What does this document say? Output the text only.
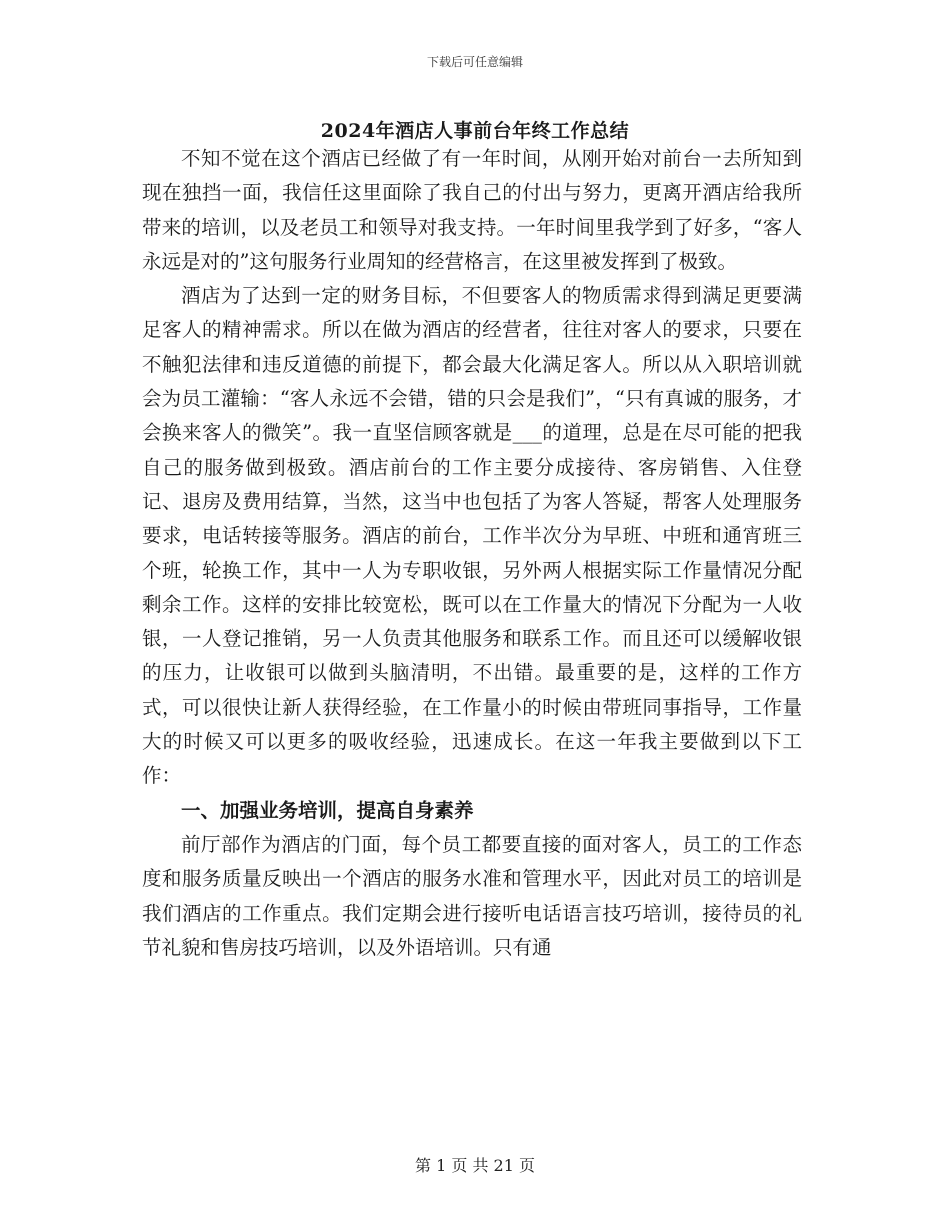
下载后可任意编辑
2024年酒店人事前台年终工作总结

不知不觉在这个酒店已经做了有一年时间，从刚开始对前台一去所知到现在独挡一面，我信任这里面除了我自己的付出与努力，更离开酒店给我所带来的培训，以及老员工和领导对我支持。一年时间里我学到了好多，“客人永远是对的”这句服务行业周知的经营格言，在这里被发挥到了极致。

酒店为了达到一定的财务目标，不但要客人的物质需求得到满足更要满足客人的精神需求。所以在做为酒店的经营者，往往对客人的要求，只要在不触犯法律和违反道德的前提下，都会最大化满足客人。所以从入职培训就会为员工灌输：“客人永远不会错，错的只会是我们”，“只有真诚的服务，才会换来客人的微笑”。我一直坚信顾客就是___的道理，总是在尽可能的把我自己的服务做到极致。酒店前台的工作主要分成接待、客房销售、入住登记、退房及费用结算，当然，这当中也包括了为客人答疑，帮客人处理服务要求，电话转接等服务。酒店的前台，工作半次分为早班、中班和通宵班三个班，轮换工作，其中一人为专职收银，另外两人根据实际工作量情况分配剩余工作。这样的安排比较宽松，既可以在工作量大的情况下分配为一人收银，一人登记推销，另一人负责其他服务和联系工作。而且还可以缓解收银的压力，让收银可以做到头脑清明，不出错。最重要的是，这样的工作方式，可以很快让新人获得经验，在工作量小的时候由带班同事指导，工作量大的时候又可以更多的吸收经验，迅速成长。在这一年我主要做到以下工作：

一、加强业务培训，提高自身素养

前厅部作为酒店的门面，每个员工都要直接的面对客人，员工的工作态度和服务质量反映出一个酒店的服务水准和管理水平，因此对员工的培训是我们酒店的工作重点。我们定期会进行接听电话语言技巧培训，接待员的礼节礼貌和售房技巧培训，以及外语培训。只有通

第 1 页 共 21 页
